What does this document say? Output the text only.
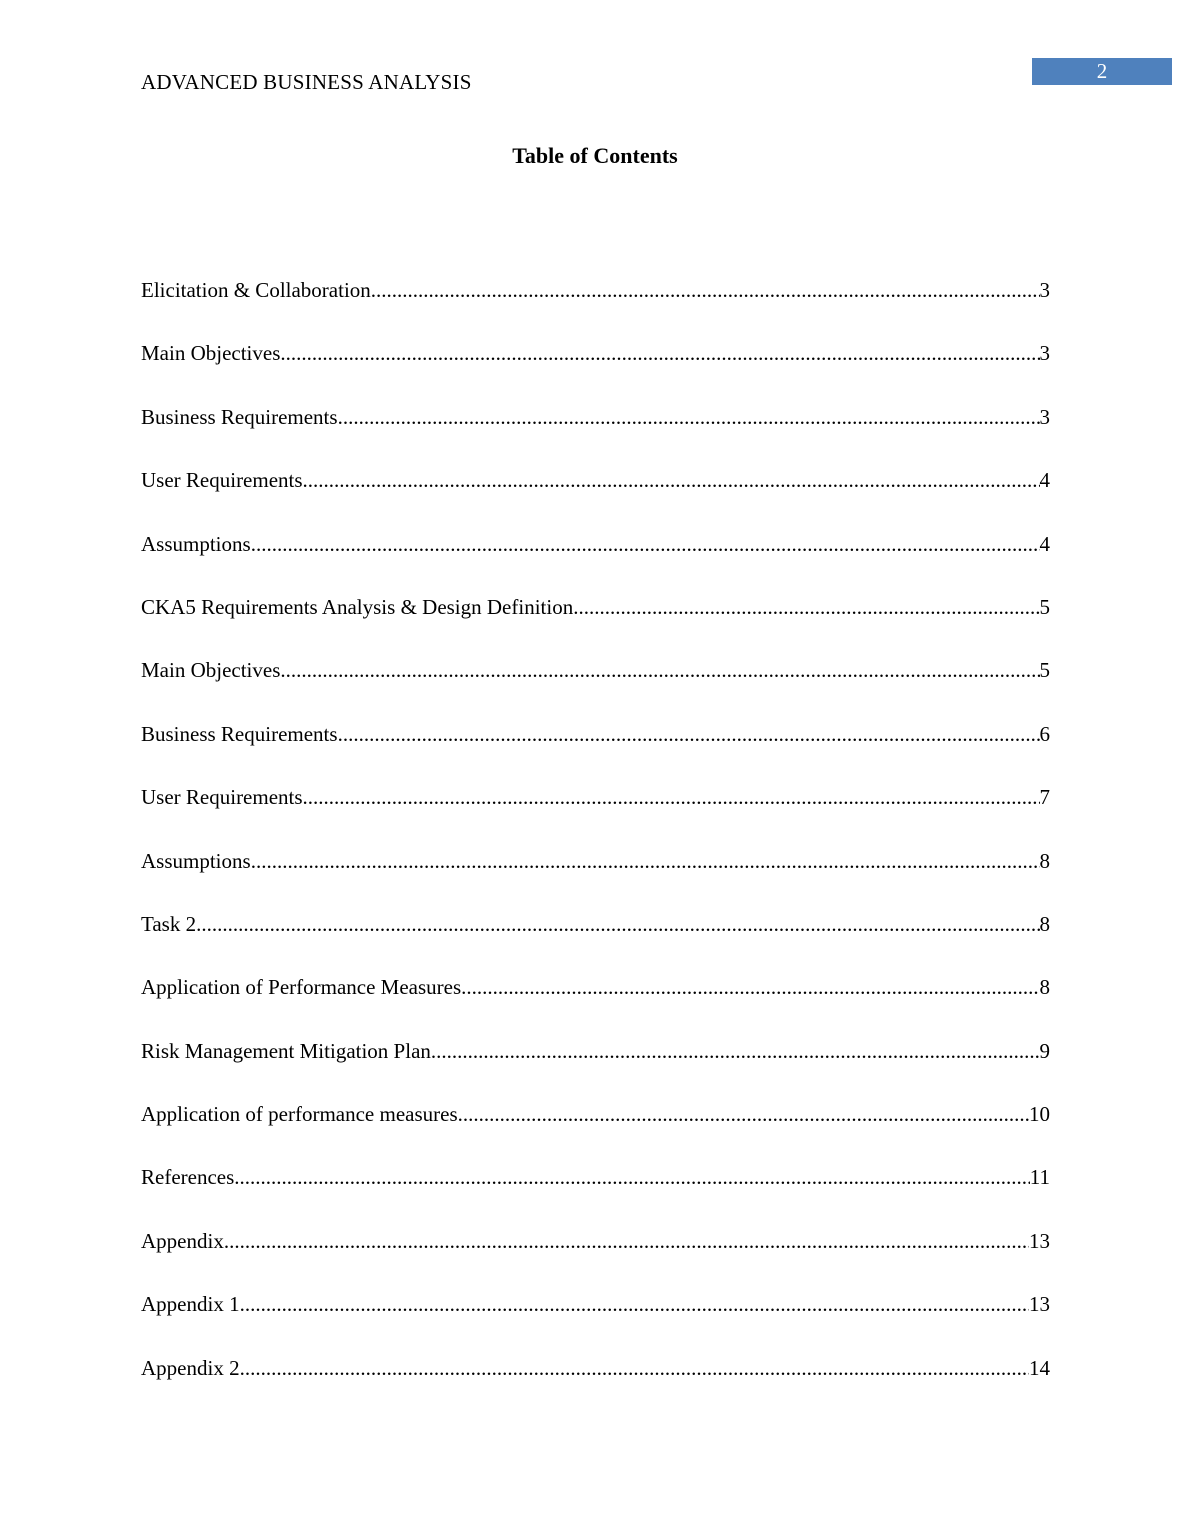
2
ADVANCED BUSINESS ANALYSIS
Table of Contents
Elicitation & Collaboration .....	3
Main Objectives .....	3
Business Requirements .....	3
User Requirements .....	4
Assumptions .....	4
CKA5 Requirements Analysis & Design Definition .....	5
Main Objectives .....	5
Business Requirements .....	6
User Requirements .....	7
Assumptions .....	8
Task 2 .....	8
Application of Performance Measures .....	8
Risk Management Mitigation Plan .....	9
Application of performance measures .....	10
References .....	11
Appendix .....	13
Appendix 1 .....	13
Appendix 2 .....	14
